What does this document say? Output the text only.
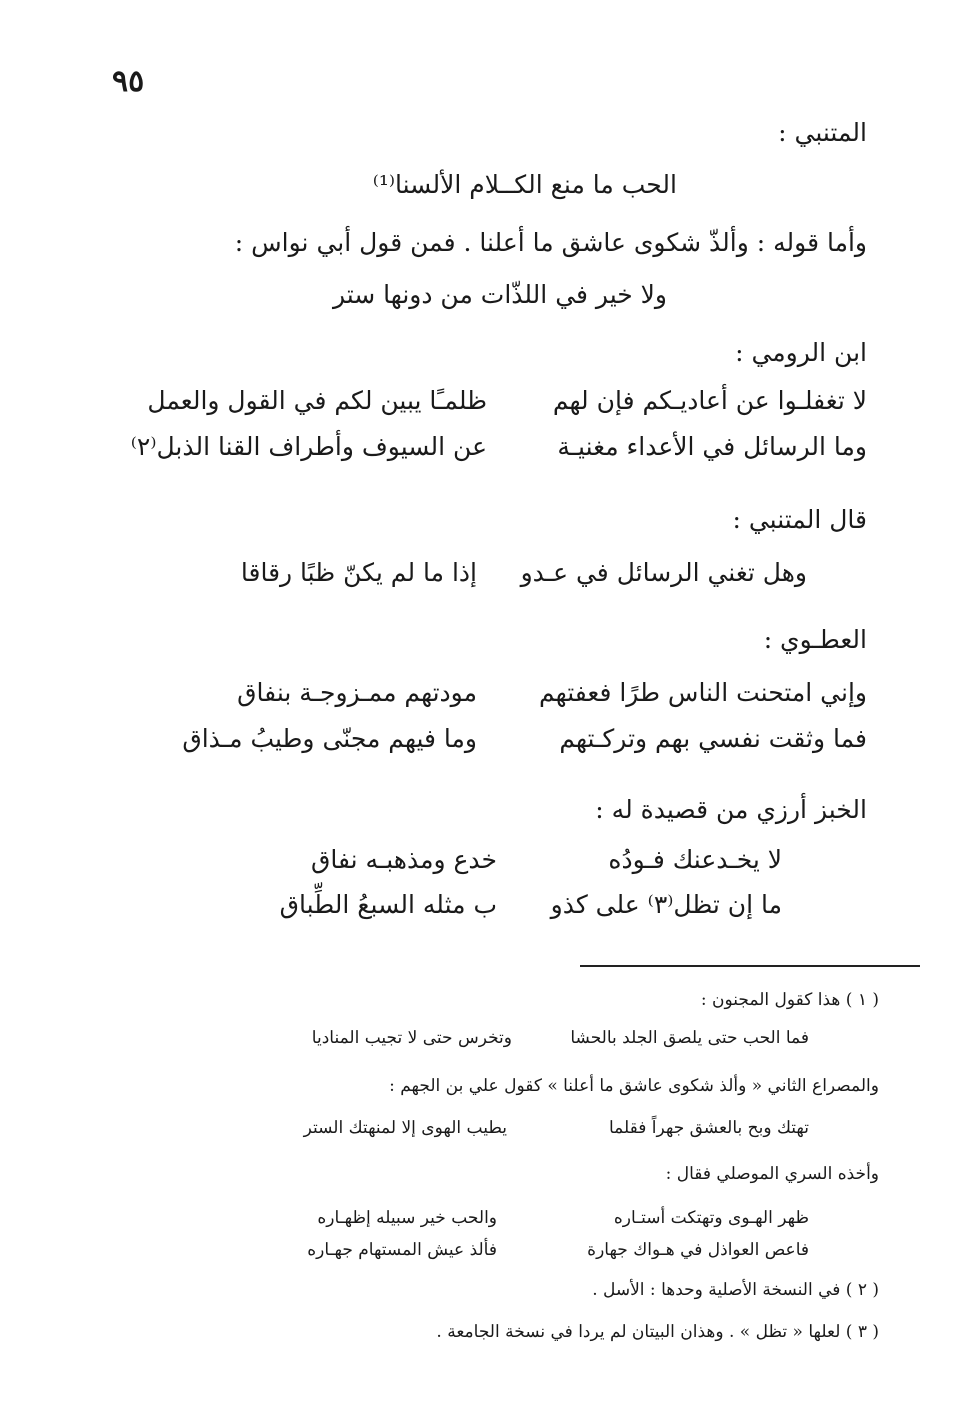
٩٥
المتنبي :
الحب ما منع الكــلام الألسنا⁽¹⁾
وأما قوله : وألذّ شكوى عاشق ما أعلنا . فمن قول أبي نواس :
ولا خير في اللذّات من دونها ستر
ابن الرومي :
لا تغفلـوا عن أعاديـكم فإن لهم
ظلمـًا يبين لكم في القول والعمل
وما الرسائل في الأعداء مغنيـة
عن السيوف وأطراف القنا الذبل⁽٢⁾
قال المتنبي :
وهل تغني الرسائل في عـدو
إذا ما لم يكنّ ظبًا رقاقا
العطـوي :
وإني امتحنت الناس طرًا فعفتهم
مودتهم ممـزوجـة بنفاق
فما وثقت نفسي بهم وتركـتهم
وما فيهم مجنّى وطيبُ مـذاق
الخبز أرزي من قصيدة له :
لا يخـدعنك فـودُه
خدع ومذهبـه نفاق
ما إن تظل⁽٣⁾ على كذو
ب مثله السبعُ الطِّباق
( ١ ) هذا كقول المجنون :
فما الحب حتى يلصق الجلد بالحشا
وتخرس حتى لا تجيب المناديا
والمصراع الثاني « وألذ شكوى عاشق ما أعلنا » كقول علي بن الجهم :
تهتك وبح بالعشق جهراً فقلما
يطيب الهوى إلا لمنهتك الستر
وأخذه السري الموصلي فقال :
ظهر الهـوى وتهتكت أستـاره
والحب خير سبيله إظهـاره
فاعص العواذل في هـواك جهارة
فألذ عيش المستهام جهـاره
( ٢ ) في النسخة الأصلية وحدها : الأسل .
( ٣ ) لعلها « تظل » . وهذان البيتان لم يردا في نسخة الجامعة .
